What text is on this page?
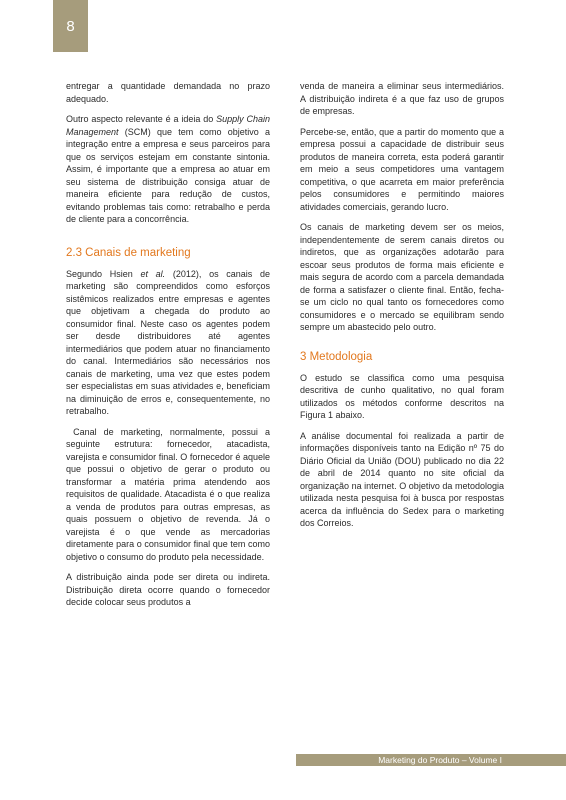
8

entregar a quantidade demandada no prazo adequado.

Outro aspecto relevante é a ideia do Supply Chain Management (SCM) que tem como objetivo a integração entre a empresa e seus parceiros para que os serviços estejam em constante sintonia. Assim, é importante que a empresa ao atuar em seu sistema de distribuição consiga atuar de maneira eficiente para redução de custos, evitando problemas tais como: retrabalho e perda de cliente para a concorrência.

2.3 Canais de marketing

Segundo Hsien et al. (2012), os canais de marketing são compreendidos como esforços sistêmicos realizados entre empresas e agentes que objetivam a chegada do produto ao consumidor final. Neste caso os agentes podem ser desde distribuidores até agentes intermediários que podem atuar no financiamento do canal. Intermediários são necessários nos canais de marketing, uma vez que estes podem ser especialistas em suas atividades e, beneficiam na diminuição de erros e, consequentemente, no retrabalho.

Canal de marketing, normalmente, possui a seguinte estrutura: fornecedor, atacadista, varejista e consumidor final. O fornecedor é aquele que possui o objetivo de gerar o produto ou transformar a matéria prima atendendo aos requisitos de qualidade. Atacadista é o que realiza a venda de produtos para outras empresas, as quais possuem o objetivo de revenda. Já o varejista é o que vende as mercadorias diretamente para o consumidor final que tem como objetivo o consumo do produto pela necessidade.

A distribuição ainda pode ser direta ou indireta. Distribuição direta ocorre quando o fornecedor decide colocar seus produtos a

venda de maneira a eliminar seus intermediários. A distribuição indireta é a que faz uso de grupos de empresas.

Percebe-se, então, que a partir do momento que a empresa possui a capacidade de distribuir seus produtos de maneira correta, esta poderá garantir em meio a seus competidores uma vantagem competitiva, o que acarreta em maior preferência pelos consumidores e permitindo maiores atividades comerciais, gerando lucro.

Os canais de marketing devem ser os meios, independentemente de serem canais diretos ou indiretos, que as organizações adotarão para escoar seus produtos de forma mais eficiente e mais segura de acordo com a parcela demandada de forma a satisfazer o cliente final. Então, fecha-se um ciclo no qual tanto os fornecedores como consumidores e o mercado se equilibram sendo sempre um abastecido pelo outro.

3 Metodologia

O estudo se classifica como uma pesquisa descritiva de cunho qualitativo, no qual foram utilizados os métodos conforme descritos na Figura 1 abaixo.

A análise documental foi realizada a partir de informações disponíveis tanto na Edição nº 75 do Diário Oficial da União (DOU) publicado no dia 22 de abril de 2014 quanto no site oficial da organização na internet. O objetivo da metodologia utilizada nesta pesquisa foi à busca por respostas acerca da influência do Sedex para o marketing dos Correios.

Marketing do Produto – Volume I
